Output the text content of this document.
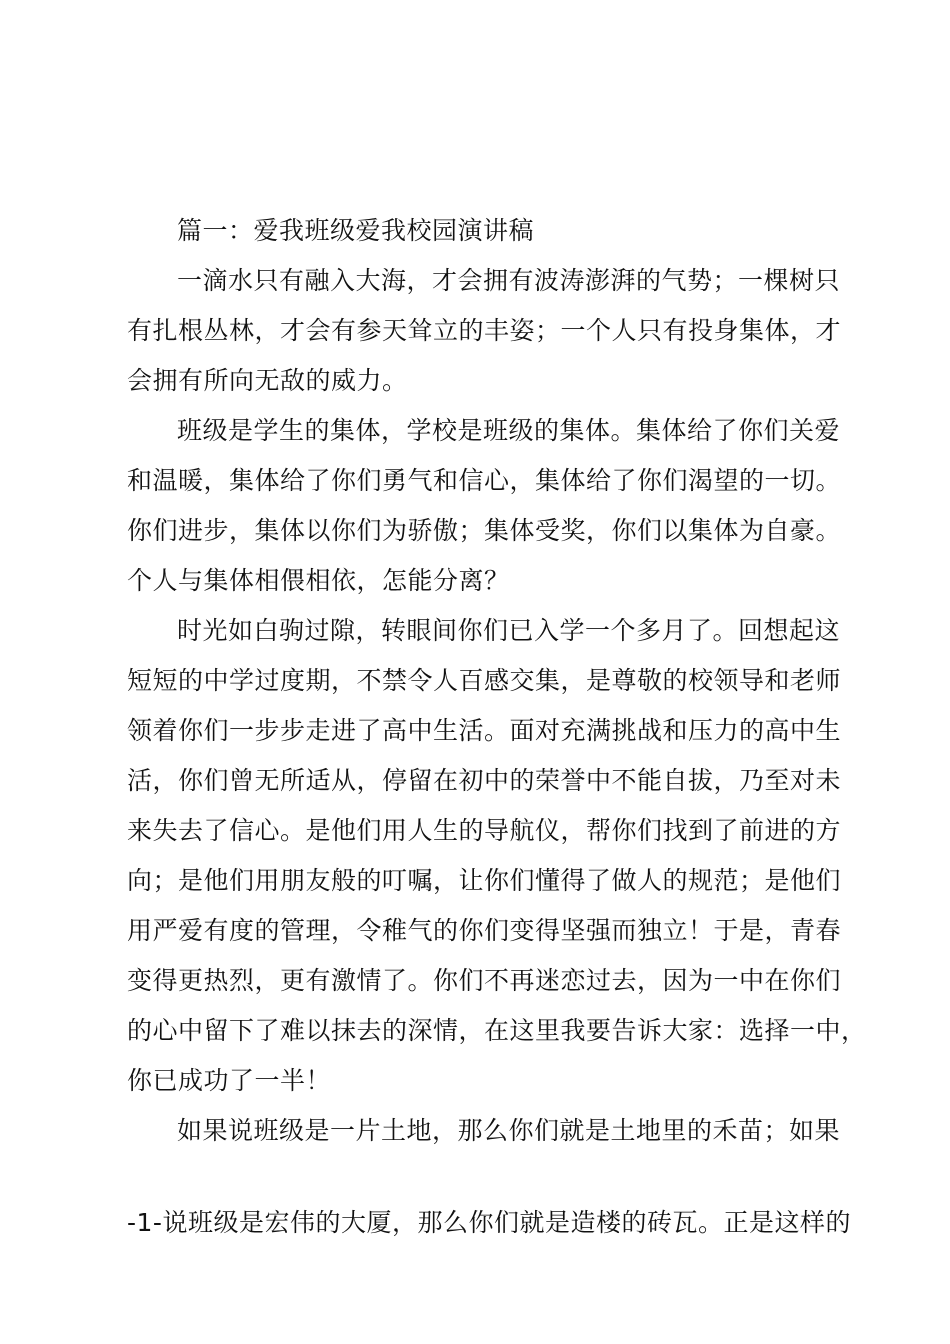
篇一：爱我班级爱我校园演讲稿
一滴水只有融入大海，才会拥有波涛澎湃的气势；一棵树只
有扎根丛林，才会有参天耸立的丰姿；一个人只有投身集体，才
会拥有所向无敌的威力。
班级是学生的集体，学校是班级的集体。集体给了你们关爱
和温暖，集体给了你们勇气和信心，集体给了你们渴望的一切。
你们进步，集体以你们为骄傲；集体受奖，你们以集体为自豪。
个人与集体相偎相依，怎能分离？
时光如白驹过隙，转眼间你们已入学一个多月了。回想起这
短短的中学过度期，不禁令人百感交集，是尊敬的校领导和老师
领着你们一步步走进了高中生活。面对充满挑战和压力的高中生
活，你们曾无所适从，停留在初中的荣誉中不能自拔，乃至对未
来失去了信心。是他们用人生的导航仪，帮你们找到了前进的方
向；是他们用朋友般的叮嘱，让你们懂得了做人的规范；是他们
用严爱有度的管理，令稚气的你们变得坚强而独立！于是，青春
变得更热烈，更有激情了。你们不再迷恋过去，因为一中在你们
的心中留下了难以抹去的深情，在这里我要告诉大家：选择一中，
你已成功了一半！
如果说班级是一片土地，那么你们就是土地里的禾苗；如果
-1-说班级是宏伟的大厦，那么你们就是造楼的砖瓦。正是这样的
